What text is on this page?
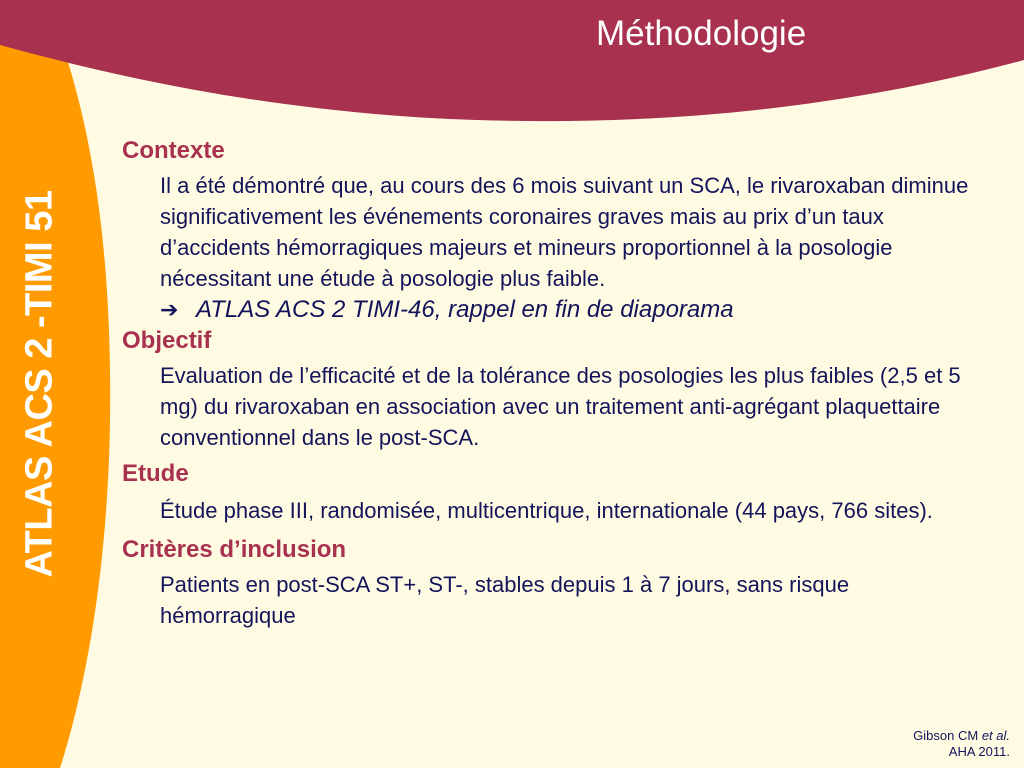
ATLAS ACS 2 -TIMI 51
Méthodologie
Contexte

Il a été démontré que, au cours des 6 mois suivant un SCA, le rivaroxaban diminue significativement les événements coronaires graves mais au prix d’un taux d’accidents hémorragiques majeurs et mineurs proportionnel à la posologie nécessitant une étude à posologie plus faible.

➔ ATLAS ACS 2 TIMI-46, rappel en fin de diaporama
Objectif

Evaluation de l’efficacité et de la tolérance des posologies les plus faibles (2,5 et 5 mg) du rivaroxaban en association avec un traitement anti-agrégant plaquettaire conventionnel dans le post-SCA.

Etude

Étude phase III, randomisée, multicentrique, internationale (44 pays, 766 sites).

Critères d’inclusion

Patients en post-SCA ST+, ST-, stables depuis 1 à 7 jours, sans risque hémorragique

Gibson CM et al.
AHA 2011.
